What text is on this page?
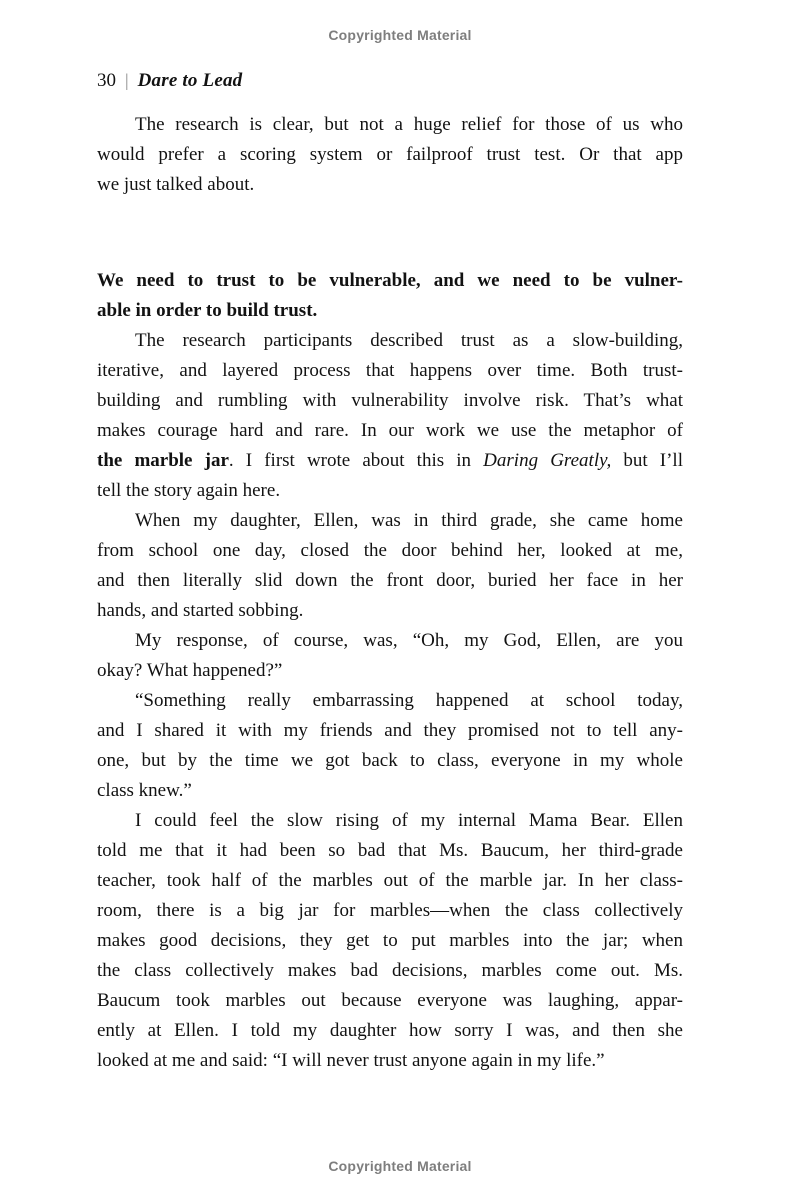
Copyrighted Material
30 | Dare to Lead
The research is clear, but not a huge relief for those of us who
would prefer a scoring system or failproof trust test. Or that app
we just talked about.
We need to trust to be vulnerable, and we need to be vulner-
able in order to build trust.
The research participants described trust as a slow-building,
iterative, and layered process that happens over time. Both trust-
building and rumbling with vulnerability involve risk. That’s what
makes courage hard and rare. In our work we use the metaphor of
the marble jar. I first wrote about this in Daring Greatly, but I’ll
tell the story again here.
When my daughter, Ellen, was in third grade, she came home
from school one day, closed the door behind her, looked at me,
and then literally slid down the front door, buried her face in her
hands, and started sobbing.
My response, of course, was, “Oh, my God, Ellen, are you
okay? What happened?”
“Something really embarrassing happened at school today,
and I shared it with my friends and they promised not to tell any-
one, but by the time we got back to class, everyone in my whole
class knew.”
I could feel the slow rising of my internal Mama Bear. Ellen
told me that it had been so bad that Ms. Baucum, her third-grade
teacher, took half of the marbles out of the marble jar. In her class-
room, there is a big jar for marbles—when the class collectively
makes good decisions, they get to put marbles into the jar; when
the class collectively makes bad decisions, marbles come out. Ms.
Baucum took marbles out because everyone was laughing, appar-
ently at Ellen. I told my daughter how sorry I was, and then she
looked at me and said: “I will never trust anyone again in my life.”
Copyrighted Material
